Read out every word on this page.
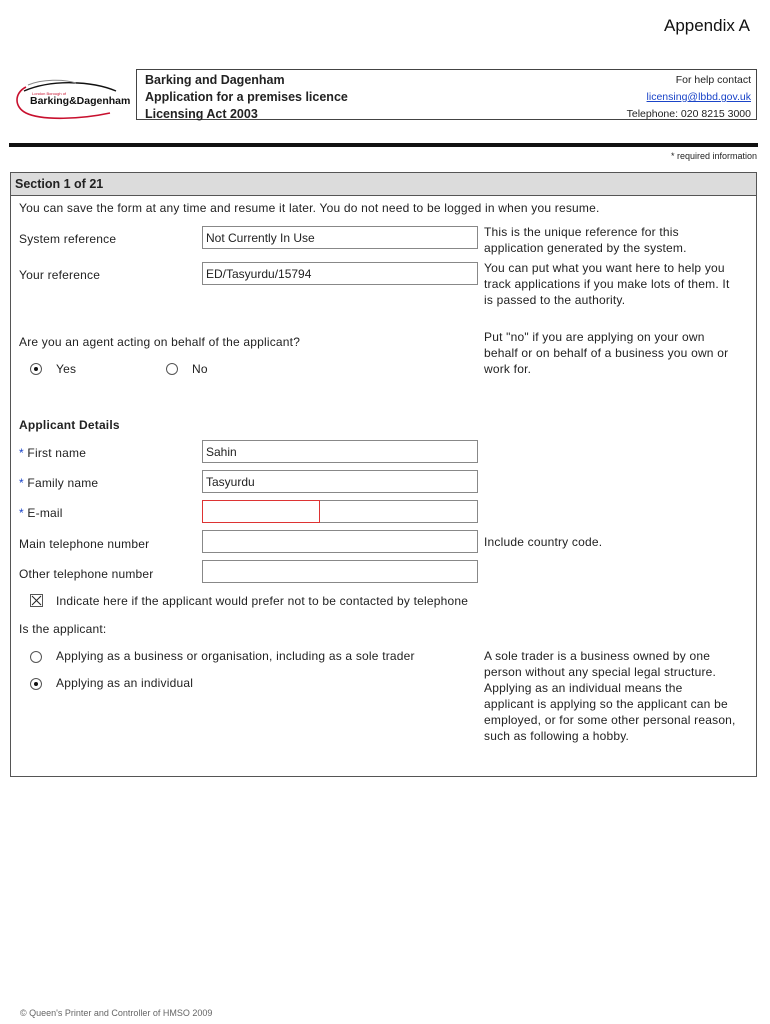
Appendix A
London Borough of
Barking&Dagenham
Barking and Dagenham
Application for a premises licence
Licensing Act 2003
For help contact
licensing@lbbd.gov.uk
Telephone: 020 8215 3000
* required information
Section 1 of 21
You can save the form at any time and resume it later. You do not need to be logged in when you resume.
System reference	Not Currently In Use	This is the unique reference for this
application generated by the system.
Your reference	ED/Tasyurdu/15794	You can put what you want here to help you
track applications if you make lots of them. It
is passed to the authority.
Are you an agent acting on behalf of the applicant?	Put "no" if you are applying on your own
behalf or on behalf of a business you own or
work for.
Yes	No
Applicant Details
* First name	Sahin
* Family name	Tasyurdu
* E-mail
Main telephone number	Include country code.
Other telephone number
Indicate here if the applicant would prefer not to be contacted by telephone
Is the applicant:
Applying as a business or organisation, including as a sole trader
Applying as an individual
A sole trader is a business owned by one
person without any special legal structure.
Applying as an individual means the
applicant is applying so the applicant can be
employed, or for some other personal reason,
such as following a hobby.
© Queen's Printer and Controller of HMSO 2009
